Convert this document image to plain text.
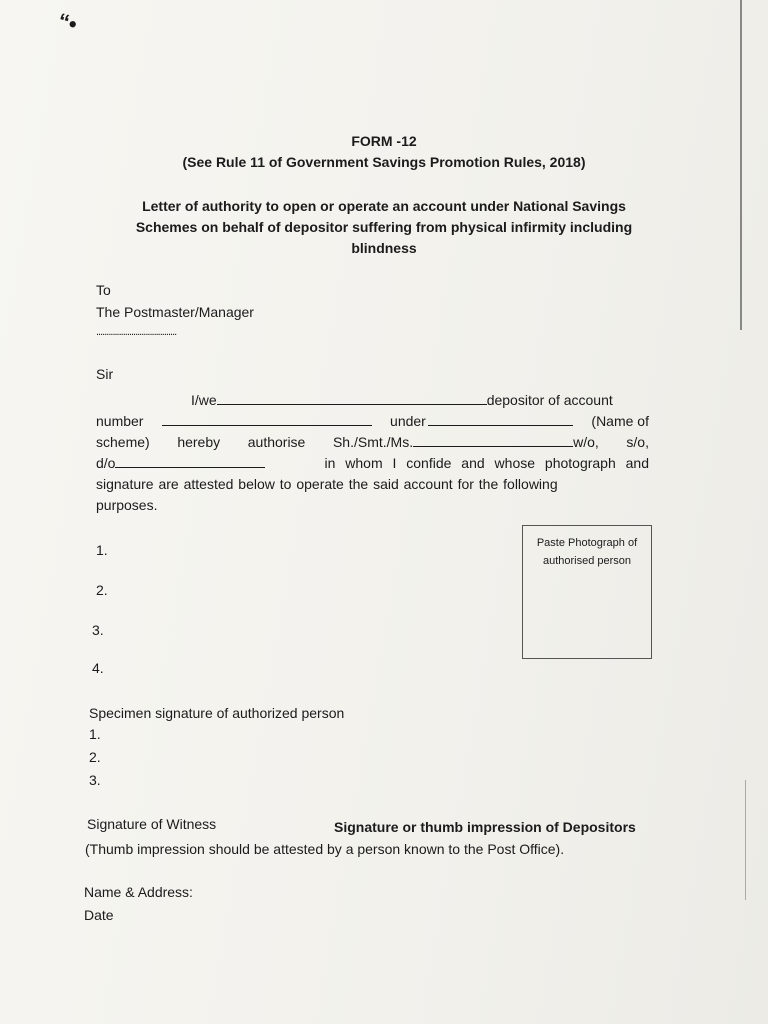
“•
FORM -12
(See Rule 11 of Government Savings Promotion Rules, 2018)
Letter of authority to open or operate an account under National Savings
Schemes on behalf of depositor suffering from physical infirmity including
blindness
To
The Postmaster/Manager
.......................................
Sir
I/we	depositor of account
number	under	(Name of
scheme) hereby authorise Sh./Smt./Ms.	w/o, s/o,
d/o	in whom I confide and whose photograph and
signature are attested below to operate the said account for the following
purposes.
1.
2.
3.
4.
Paste Photograph of
authorised person
Specimen signature of authorized person
1.
2.
3.
Signature of Witness	Signature or thumb impression of Depositors
(Thumb impression should be attested by a person known to the Post Office).
Name & Address:
Date
